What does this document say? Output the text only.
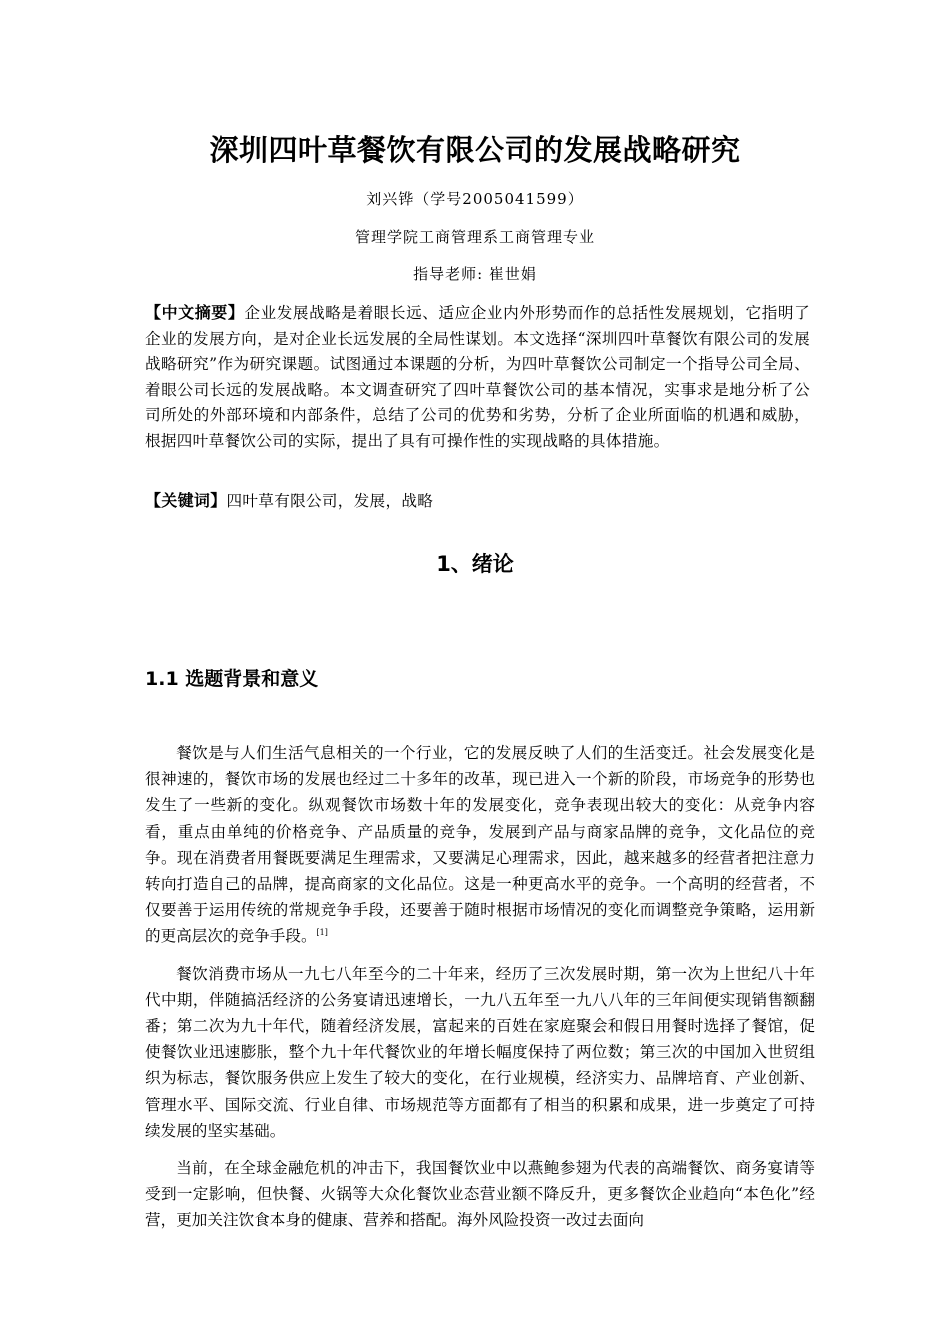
深圳四叶草餐饮有限公司的发展战略研究
刘兴铧（学号2005041599）
管理学院工商管理系工商管理专业
指导老师: 崔世娟
【中文摘要】企业发展战略是着眼长远、适应企业内外形势而作的总括性发展规划，它指明了企业的发展方向，是对企业长远发展的全局性谋划。本文选择“深圳四叶草餐饮有限公司的发展战略研究”作为研究课题。试图通过本课题的分析，为四叶草餐饮公司制定一个指导公司全局、着眼公司长远的发展战略。本文调查研究了四叶草餐饮公司的基本情况，实事求是地分析了公司所处的外部环境和内部条件，总结了公司的优势和劣势，分析了企业所面临的机遇和威胁，根据四叶草餐饮公司的实际，提出了具有可操作性的实现战略的具体措施。
【关键词】四叶草有限公司，发展，战略
1、绪论
1.1 选题背景和意义

餐饮是与人们生活气息相关的一个行业，它的发展反映了人们的生活变迁。社会发展变化是很神速的，餐饮市场的发展也经过二十多年的改革，现已进入一个新的阶段，市场竞争的形势也发生了一些新的变化。纵观餐饮市场数十年的发展变化，竞争表现出较大的变化：从竞争内容看，重点由单纯的价格竞争、产品质量的竞争，发展到产品与商家品牌的竞争，文化品位的竞争。现在消费者用餐既要满足生理需求，又要满足心理需求，因此，越来越多的经营者把注意力转向打造自己的品牌，提高商家的文化品位。这是一种更高水平的竞争。一个高明的经营者，不仅要善于运用传统的常规竞争手段，还要善于随时根据市场情况的变化而调整竞争策略，运用新的更高层次的竞争手段。[1]

餐饮消费市场从一九七八年至今的二十年来，经历了三次发展时期，第一次为上世纪八十年代中期，伴随搞活经济的公务宴请迅速增长，一九八五年至一九八八年的三年间便实现销售额翻番；第二次为九十年代，随着经济发展，富起来的百姓在家庭聚会和假日用餐时选择了餐馆，促使餐饮业迅速膨胀，整个九十年代餐饮业的年增长幅度保持了两位数；第三次的中国加入世贸组织为标志，餐饮服务供应上发生了较大的变化，在行业规模，经济实力、品牌培育、产业创新、管理水平、国际交流、行业自律、市场规范等方面都有了相当的积累和成果，进一步奠定了可持续发展的坚实基础。

当前，在全球金融危机的冲击下，我国餐饮业中以燕鲍参翅为代表的高端餐饮、商务宴请等受到一定影响，但快餐、火锅等大众化餐饮业态营业额不降反升，更多餐饮企业趋向“本色化”经营，更加关注饮食本身的健康、营养和搭配。海外风险投资一改过去面向
